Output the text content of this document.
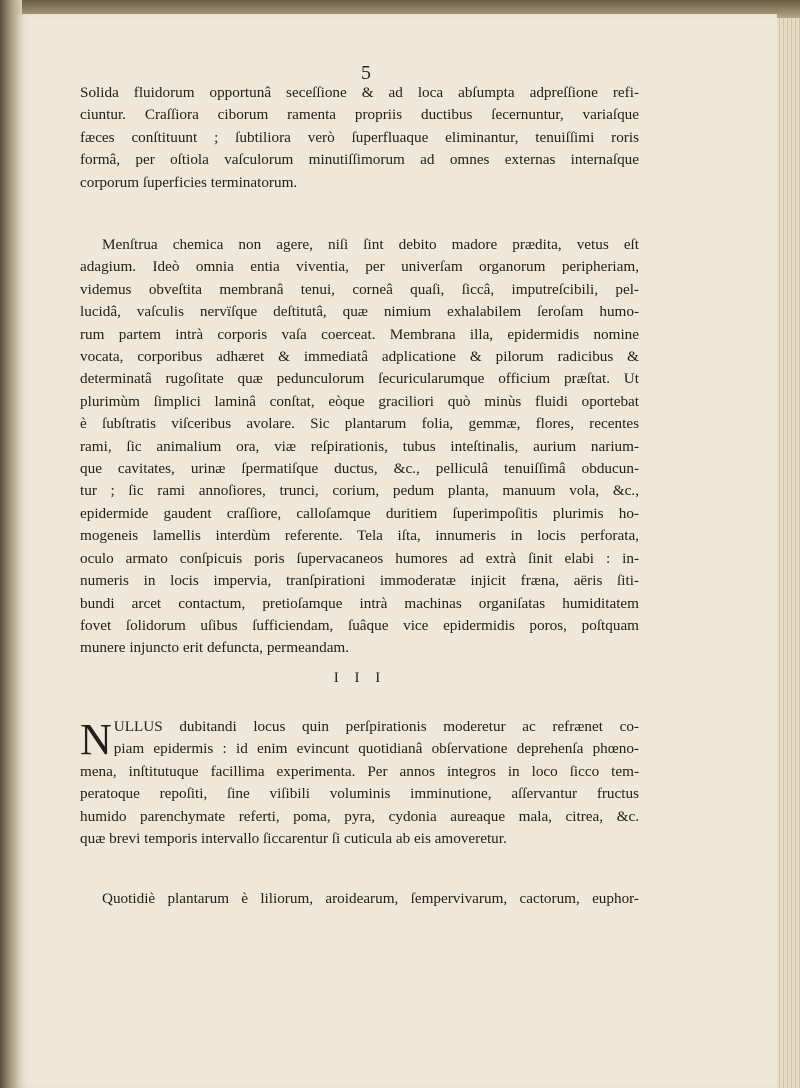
5
Solida fluidorum opportunâ seceſſione & ad loca abſumpta adpreſſione refi-
ciuntur. Craſſiora ciborum ramenta propriis ductibus ſecernuntur, variaſque
fæces conſtituunt ; ſubtiliora verò ſuperfluaque eliminantur, tenuiſſimi roris
formâ, per oſtiola vaſculorum minutiſſimorum ad omnes externas internaſque
corporum ſuperficies terminatorum.
Menſtrua chemica non agere, niſi ſint debito madore prædita, vetus eſt
adagium. Ideò omnia entia viventia, per univerſam organorum peripheriam,
videmus obveſtita membranâ tenui, corneâ quaſi, ſiccâ, imputreſcibili, pel-
lucidâ, vaſculis nervïſque deſtitutâ, quæ nimium exhalabilem ſeroſam humo-
rum partem intrà corporis vaſa coerceat. Membrana illa, epidermidis nomine
vocata, corporibus adhæret & immediatâ adplicatione & pilorum radicibus &
determinatâ rugoſitate quæ pedunculorum ſecuricularumque officium præſtat. Ut
plurimùm ſimplici laminâ conſtat, eòque graciliori quò minùs fluidi oportebat
è ſubſtratis viſceribus avolare. Sic plantarum folia, gemmæ, flores, recentes
rami, ſic animalium ora, viæ reſpirationis, tubus inteſtinalis, aurium narium-
que cavitates, urinæ ſpermatiſque ductus, &c., pelliculâ tenuiſſimâ obducun-
tur ; ſic rami annoſiores, trunci, corium, pedum planta, manuum vola, &c.,
epidermide gaudent craſſiore, calloſamque duritiem ſuperimpoſitis plurimis ho-
mogeneis lamellis interdùm referente. Tela iſta, innumeris in locis perforata,
oculo armato conſpicuis poris ſupervacaneos humores ad extrà ſinit elabi : in-
numeris in locis impervia, tranſpirationi immoderatæ injicit fræna, aëris ſiti-
bundi arcet contactum, pretioſamque intrà machinas organiſatas humiditatem
fovet ſolidorum uſibus ſufficiendam, ſuâque vice epidermidis poros, poſtquam
munere injuncto erit defuncta, permeandam.
I I I
N ULLUS dubitandi locus quin perſpirationis moderetur ac refrænet co-
piam epidermis : id enim evincunt quotidianâ obſervatione deprehenſa phœno-
mena, inſtitutuque facillima experimenta. Per annos integros in loco ſicco tem-
peratoque repoſiti, ſine viſibili voluminis imminutione, aſſervantur fructus
humido parenchymate referti, poma, pyra, cydonia aureaque mala, citrea, &c.
quæ brevi temporis intervallo ſiccarentur ſi cuticula ab eis amoveretur.
Quotidiè plantarum è liliorum, aroidearum, ſempervivarum, cactorum, euphor-
